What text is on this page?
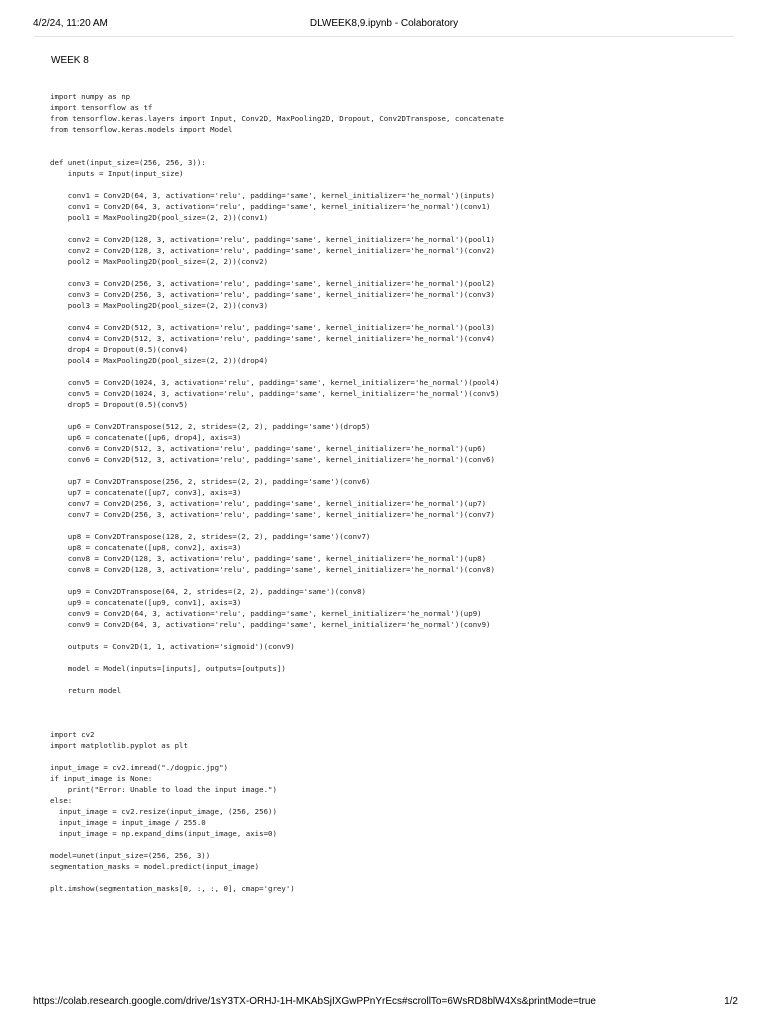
4/2/24, 11:20 AM	DLWEEK8,9.ipynb - Colaboratory
WEEK 8
import numpy as np
import tensorflow as tf
from tensorflow.keras.layers import Input, Conv2D, MaxPooling2D, Dropout, Conv2DTranspose, concatenate
from tensorflow.keras.models import Model
def unet(input_size=(256, 256, 3)):
inputs = Input(input_size)
conv1 = Conv2D(64, 3, activation='relu', padding='same', kernel_initializer='he_normal')(inputs)
conv1 = Conv2D(64, 3, activation='relu', padding='same', kernel_initializer='he_normal')(conv1)
pool1 = MaxPooling2D(pool_size=(2, 2))(conv1)
conv2 = Conv2D(128, 3, activation='relu', padding='same', kernel_initializer='he_normal')(pool1)
conv2 = Conv2D(128, 3, activation='relu', padding='same', kernel_initializer='he_normal')(conv2)
pool2 = MaxPooling2D(pool_size=(2, 2))(conv2)
conv3 = Conv2D(256, 3, activation='relu', padding='same', kernel_initializer='he_normal')(pool2)
conv3 = Conv2D(256, 3, activation='relu', padding='same', kernel_initializer='he_normal')(conv3)
pool3 = MaxPooling2D(pool_size=(2, 2))(conv3)
conv4 = Conv2D(512, 3, activation='relu', padding='same', kernel_initializer='he_normal')(pool3)
conv4 = Conv2D(512, 3, activation='relu', padding='same', kernel_initializer='he_normal')(conv4)
drop4 = Dropout(0.5)(conv4)
pool4 = MaxPooling2D(pool_size=(2, 2))(drop4)
conv5 = Conv2D(1024, 3, activation='relu', padding='same', kernel_initializer='he_normal')(pool4)
conv5 = Conv2D(1024, 3, activation='relu', padding='same', kernel_initializer='he_normal')(conv5)
drop5 = Dropout(0.5)(conv5)
up6 = Conv2DTranspose(512, 2, strides=(2, 2), padding='same')(drop5)
up6 = concatenate([up6, drop4], axis=3)
conv6 = Conv2D(512, 3, activation='relu', padding='same', kernel_initializer='he_normal')(up6)
conv6 = Conv2D(512, 3, activation='relu', padding='same', kernel_initializer='he_normal')(conv6)
up7 = Conv2DTranspose(256, 2, strides=(2, 2), padding='same')(conv6)
up7 = concatenate([up7, conv3], axis=3)
conv7 = Conv2D(256, 3, activation='relu', padding='same', kernel_initializer='he_normal')(up7)
conv7 = Conv2D(256, 3, activation='relu', padding='same', kernel_initializer='he_normal')(conv7)
up8 = Conv2DTranspose(128, 2, strides=(2, 2), padding='same')(conv7)
up8 = concatenate([up8, conv2], axis=3)
conv8 = Conv2D(128, 3, activation='relu', padding='same', kernel_initializer='he_normal')(up8)
conv8 = Conv2D(128, 3, activation='relu', padding='same', kernel_initializer='he_normal')(conv8)
up9 = Conv2DTranspose(64, 2, strides=(2, 2), padding='same')(conv8)
up9 = concatenate([up9, conv1], axis=3)
conv9 = Conv2D(64, 3, activation='relu', padding='same', kernel_initializer='he_normal')(up9)
conv9 = Conv2D(64, 3, activation='relu', padding='same', kernel_initializer='he_normal')(conv9)
outputs = Conv2D(1, 1, activation='sigmoid')(conv9)
model = Model(inputs=[inputs], outputs=[outputs])
return model
import cv2
import matplotlib.pyplot as plt
input_image = cv2.imread("./dogpic.jpg")
if input_image is None:
print("Error: Unable to load the input image.")
else:
input_image = cv2.resize(input_image, (256, 256))
input_image = input_image / 255.0
input_image = np.expand_dims(input_image, axis=0)
model=unet(input_size=(256, 256, 3))
segmentation_masks = model.predict(input_image)
plt.imshow(segmentation_masks[0, :, :, 0], cmap='grey')
https://colab.research.google.com/drive/1sY3TX-ORHJ-1H-MKAbSjIXGwPPnYrEcs#scrollTo=6WsRD8blW4Xs&printMode=true	1/2
